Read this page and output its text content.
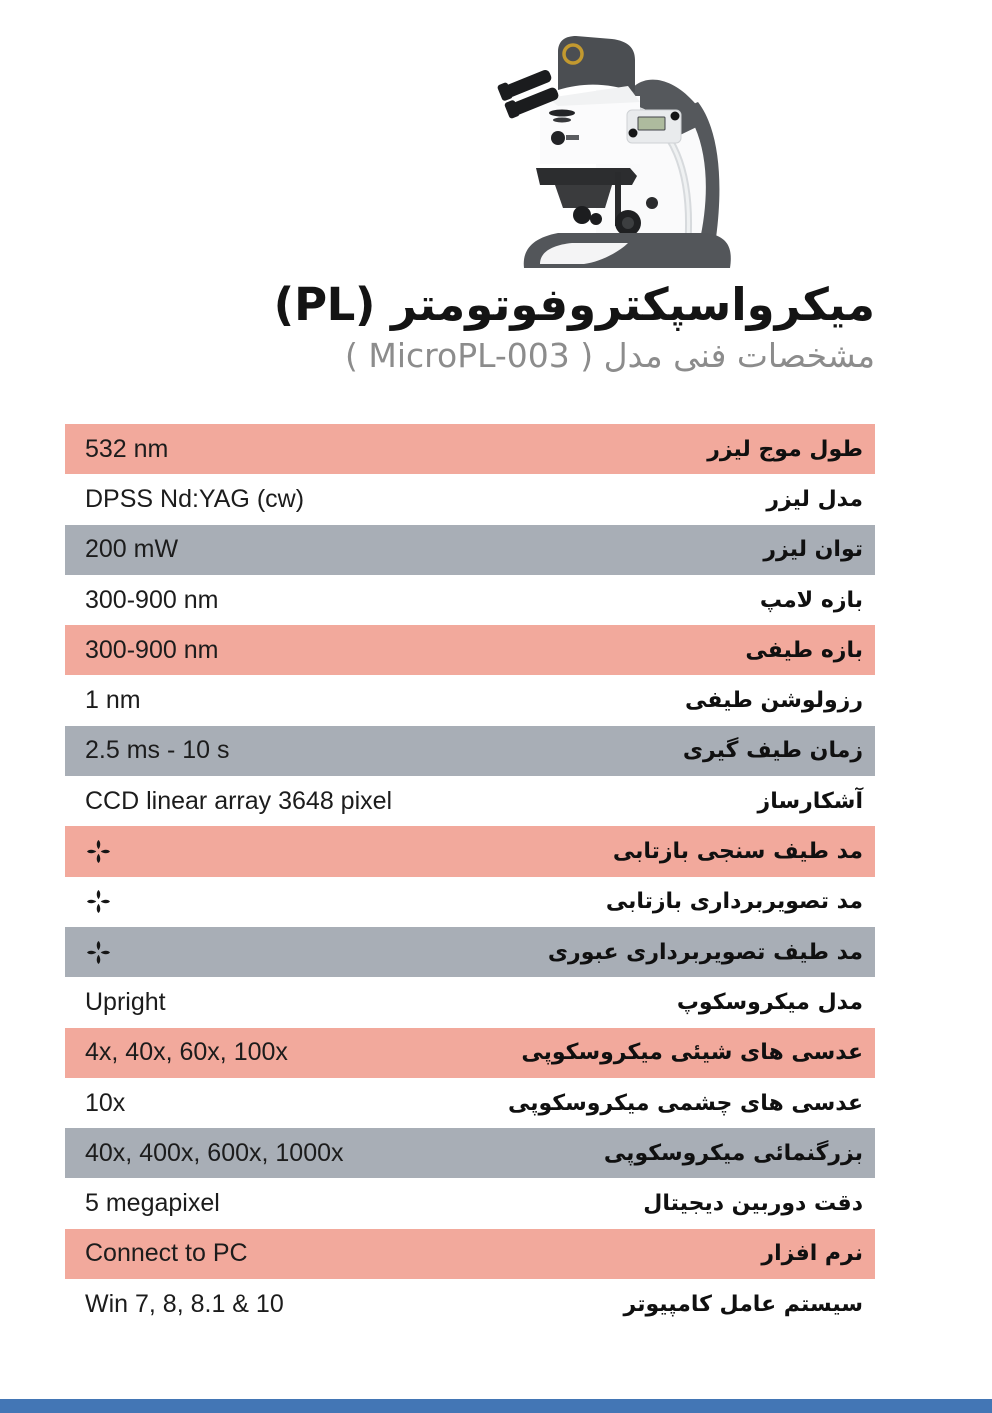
میکرواسپکتروفوتومتر (PL)
مشخصات فنی مدل ( MicroPL-003 )
532 nm	طول موج لیزر
DPSS Nd:YAG (cw)	مدل لیزر
200 mW	توان لیزر
300-900 nm	بازه لامپ
300-900 nm	بازه طیفی
1 nm	رزولوشن طیفی
2.5 ms - 10 s	زمان طیف گیری
CCD linear array 3648 pixel	آشکارساز
مد طیف سنجی بازتابی
مد تصویربرداری بازتابی
مد طیف تصویربرداری عبوری
Upright	مدل میکروسکوپ
4x, 40x, 60x, 100x	عدسی های شیئی میکروسکوپی
10x	عدسی های چشمی میکروسکوپی
40x, 400x, 600x, 1000x	بزرگنمائی میکروسکوپی
5 megapixel	دقت دوربین دیجیتال
Connect to PC	نرم افزار
Win 7, 8, 8.1 & 10	سیستم عامل کامپیوتر
